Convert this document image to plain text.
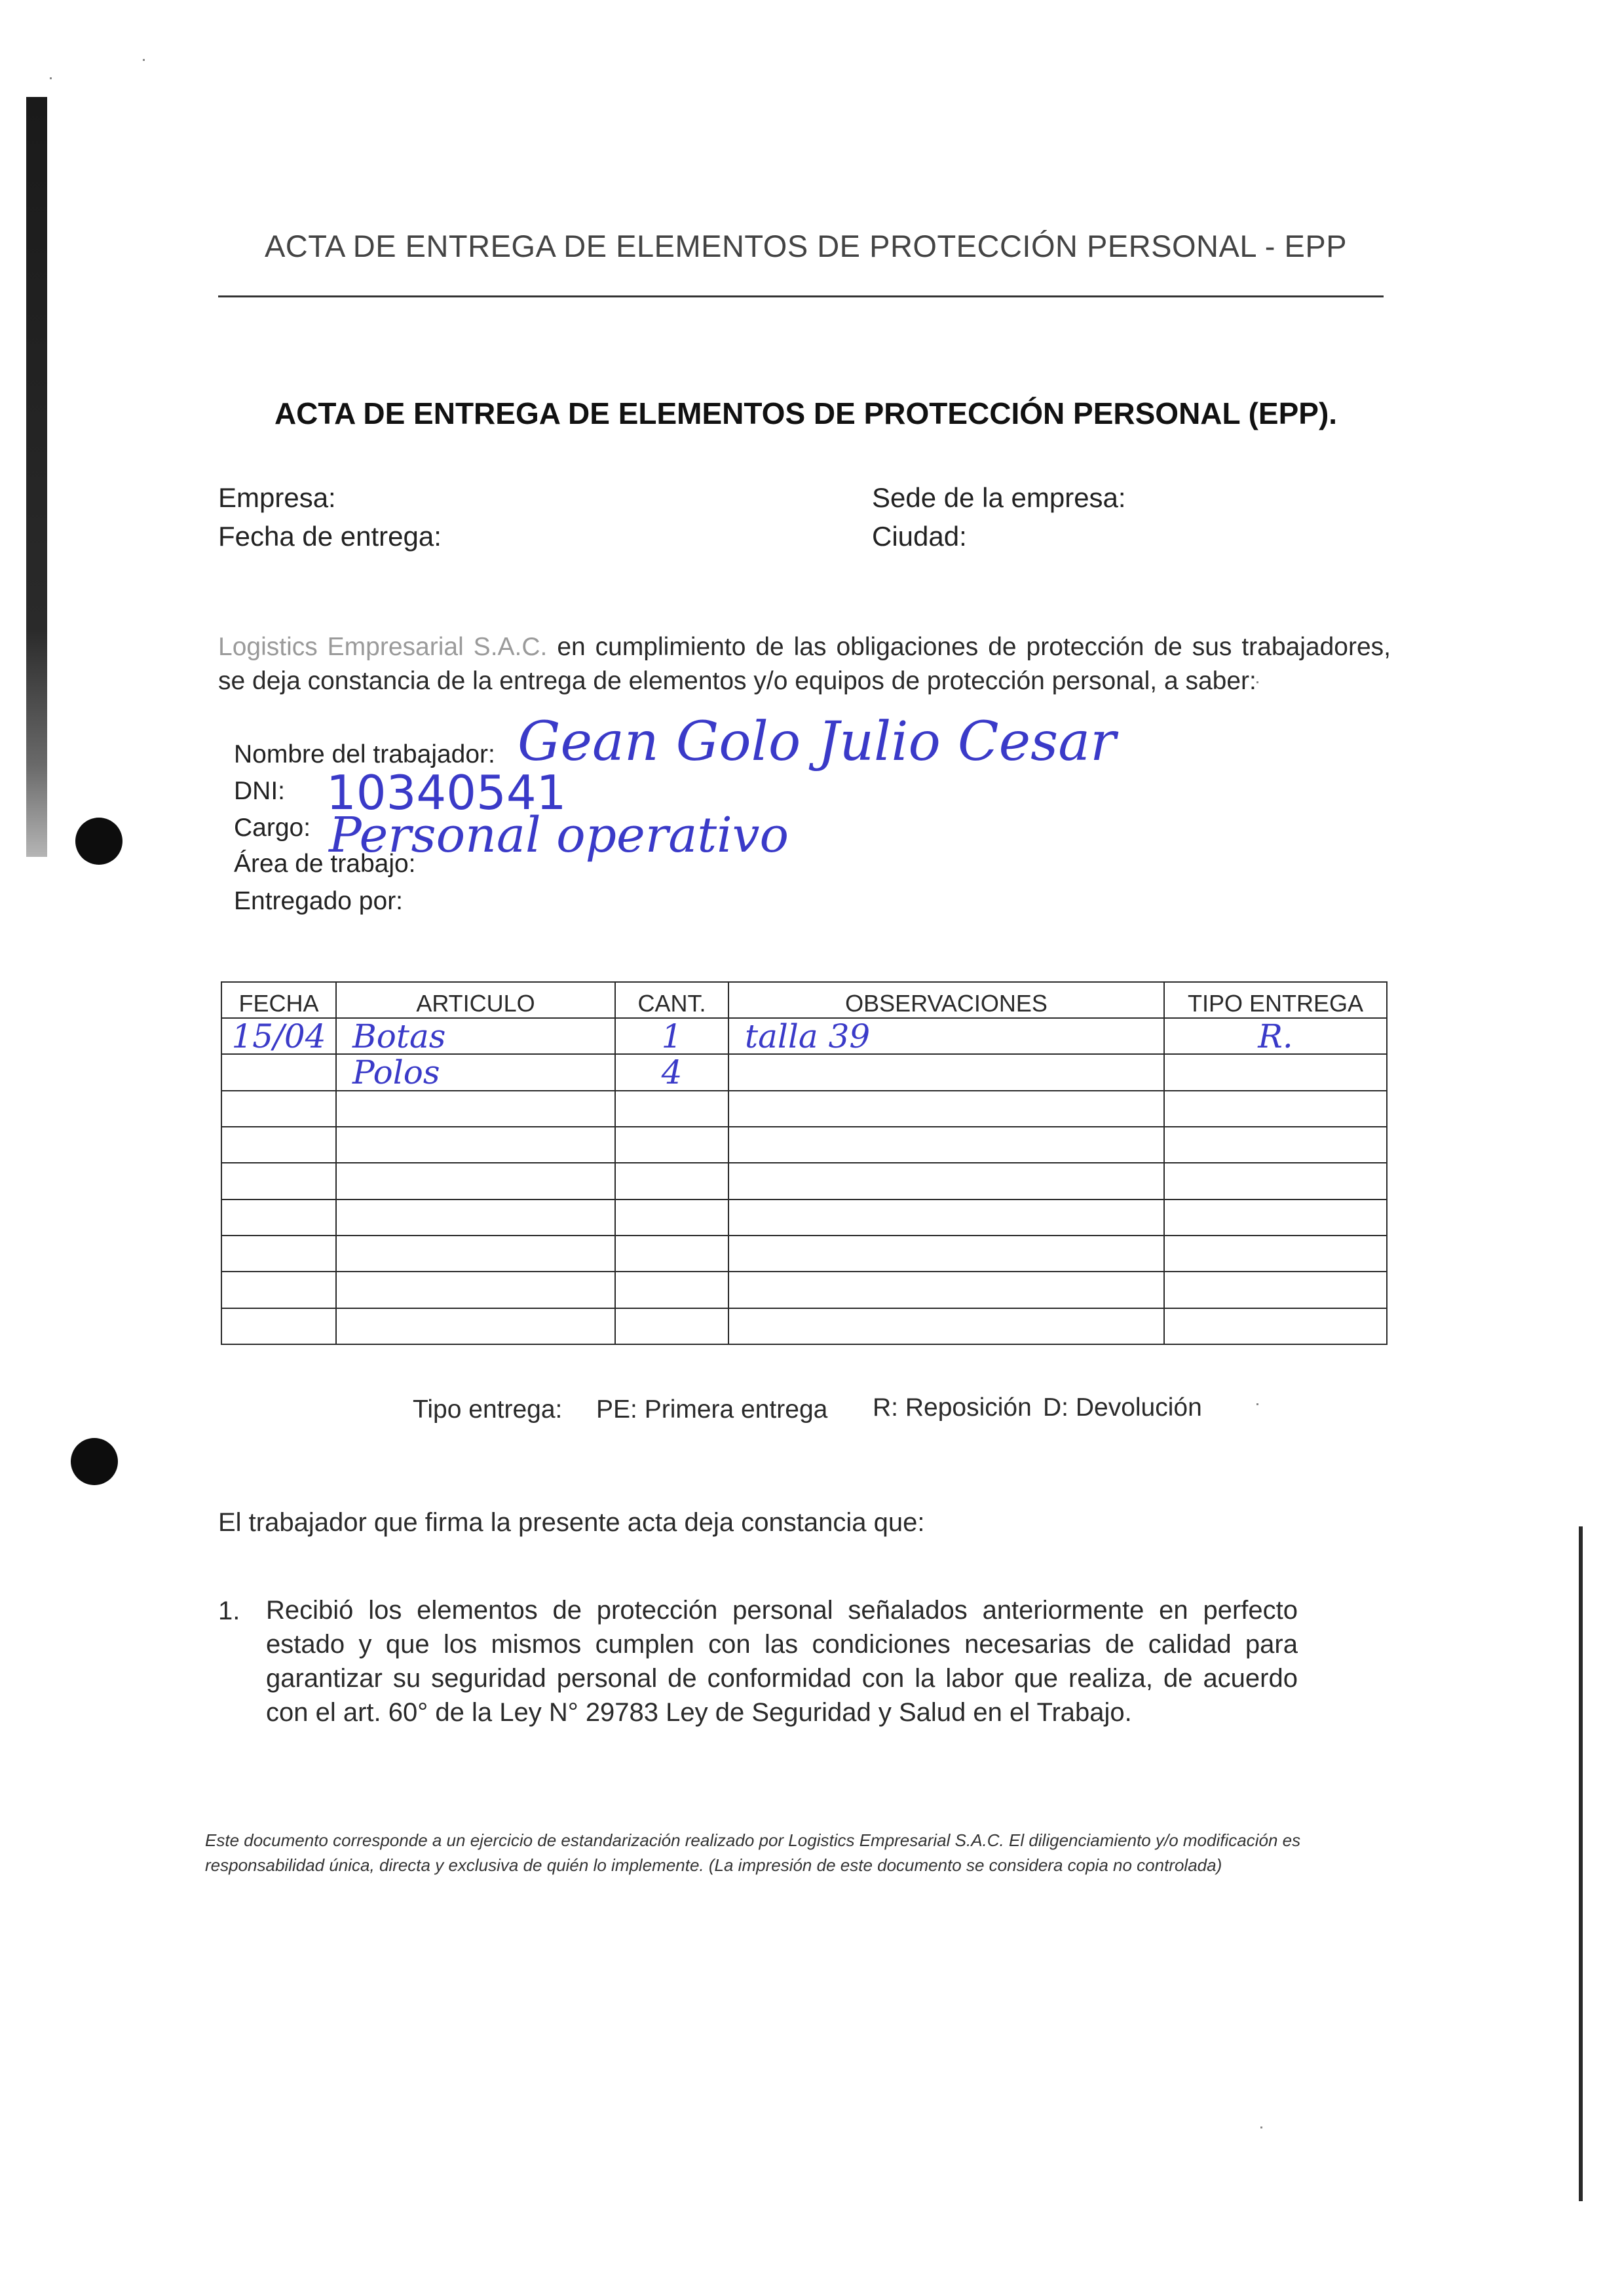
ACTA DE ENTREGA DE ELEMENTOS DE PROTECCIÓN PERSONAL - EPP
ACTA DE ENTREGA DE ELEMENTOS DE PROTECCIÓN PERSONAL (EPP).
Empresa:
Fecha de entrega:
Sede de la empresa:
Ciudad:
Logistics Empresarial S.A.C. en cumplimiento de las obligaciones de protección de sus trabajadores, se deja constancia de la entrega de elementos y/o equipos de protección personal, a saber:
Nombre del trabajador: Gean Golo Julio Cesar
DNI: 10340541
Cargo: Personal operativo
Área de trabajo:
Entregado por:
FECHA	ARTICULO	CANT.	OBSERVACIONES	TIPO ENTREGA
15/04	Botas	1	talla 39	R.
	Polos	4		

Tipo entrega: PE: Primera entrega R: Reposición D: Devolución
El trabajador que firma la presente acta deja constancia que:
1. Recibió los elementos de protección personal señalados anteriormente en perfecto estado y que los mismos cumplen con las condiciones necesarias de calidad para garantizar su seguridad personal de conformidad con la labor que realiza, de acuerdo con el art. 60° de la Ley N° 29783 Ley de Seguridad y Salud en el Trabajo.
Este documento corresponde a un ejercicio de estandarización realizado por Logistics Empresarial S.A.C. El diligenciamiento y/o modificación es responsabilidad única, directa y exclusiva de quién lo implemente. (La impresión de este documento se considera copia no controlada)
